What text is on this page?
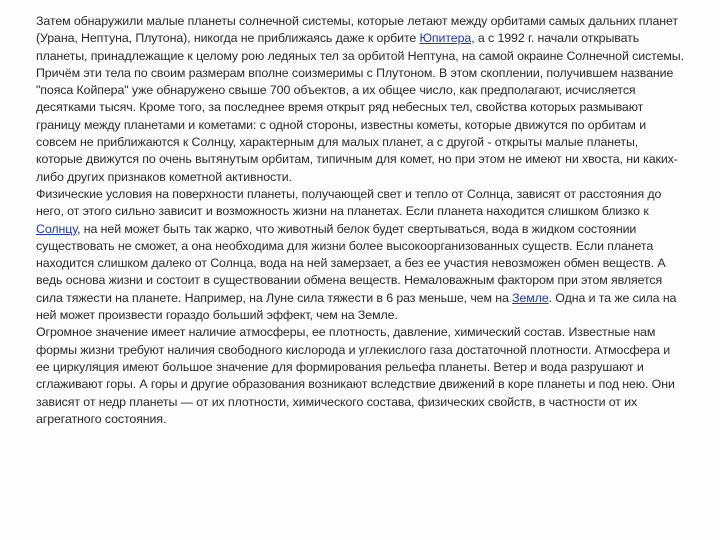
Затем обнаружили малые планеты солнечной системы, которые летают между орбитами самых дальних планет (Урана, Нептуна, Плутона), никогда не приближаясь даже к орбите Юпитера, а с 1992 г. начали открывать планеты, принадлежащие к целому рою ледяных тел за орбитой Нептуна, на самой окраине Солнечной системы. Причём эти тела по своим размерам вполне соизмеримы с Плутоном. В этом скоплении, получившем название "пояса Койпера" уже обнаружено свыше 700 объектов, а их общее число, как предполагают, исчисляется десятками тысяч. Кроме того, за последнее время открыт ряд небесных тел, свойства которых размывают границу между планетами и кометами: с одной стороны, известны кометы, которые движутся по орбитам и совсем не приближаются к Солнцу, характерным для малых планет, а с другой - открыты малые планеты, которые движутся по очень вытянутым орбитам, типичным для комет, но при этом не имеют ни хвоста, ни каких-либо других признаков кометной активности.

Физические условия на поверхности планеты, получающей свет и тепло от Солнца, зависят от расстояния до него, от этого сильно зависит и возможность жизни на планетах. Если планета находится слишком близко к Солнцу, на ней может быть так жарко, что животный белок будет свертываться, вода в жидком состоянии существовать не сможет, а она необходима для жизни более высокоорганизованных существ. Если планета находится слишком далеко от Солнца, вода на ней замерзает, а без ее участия невозможен обмен веществ. А ведь основа жизни и состоит в существовании обмена веществ. Немаловажным фактором при этом является сила тяжести на планете. Например, на Луне сила тяжести в 6 раз меньше, чем на Земле. Одна и та же сила на ней может произвести гораздо больший эффект, чем на Земле.

Огромное значение имеет наличие атмосферы, ее плотность, давление, химический состав. Известные нам формы жизни требуют наличия свободного кислорода и углекислого газа достаточной плотности. Атмосфера и ее циркуляция имеют большое значение для формирования рельефа планеты. Ветер и вода разрушают и сглаживают горы. А горы и другие образования возникают вследствие движений в коре планеты и под нею. Они зависят от недр планеты — от их плотности, химического состава, физических свойств, в частности от их агрегатного состояния.
